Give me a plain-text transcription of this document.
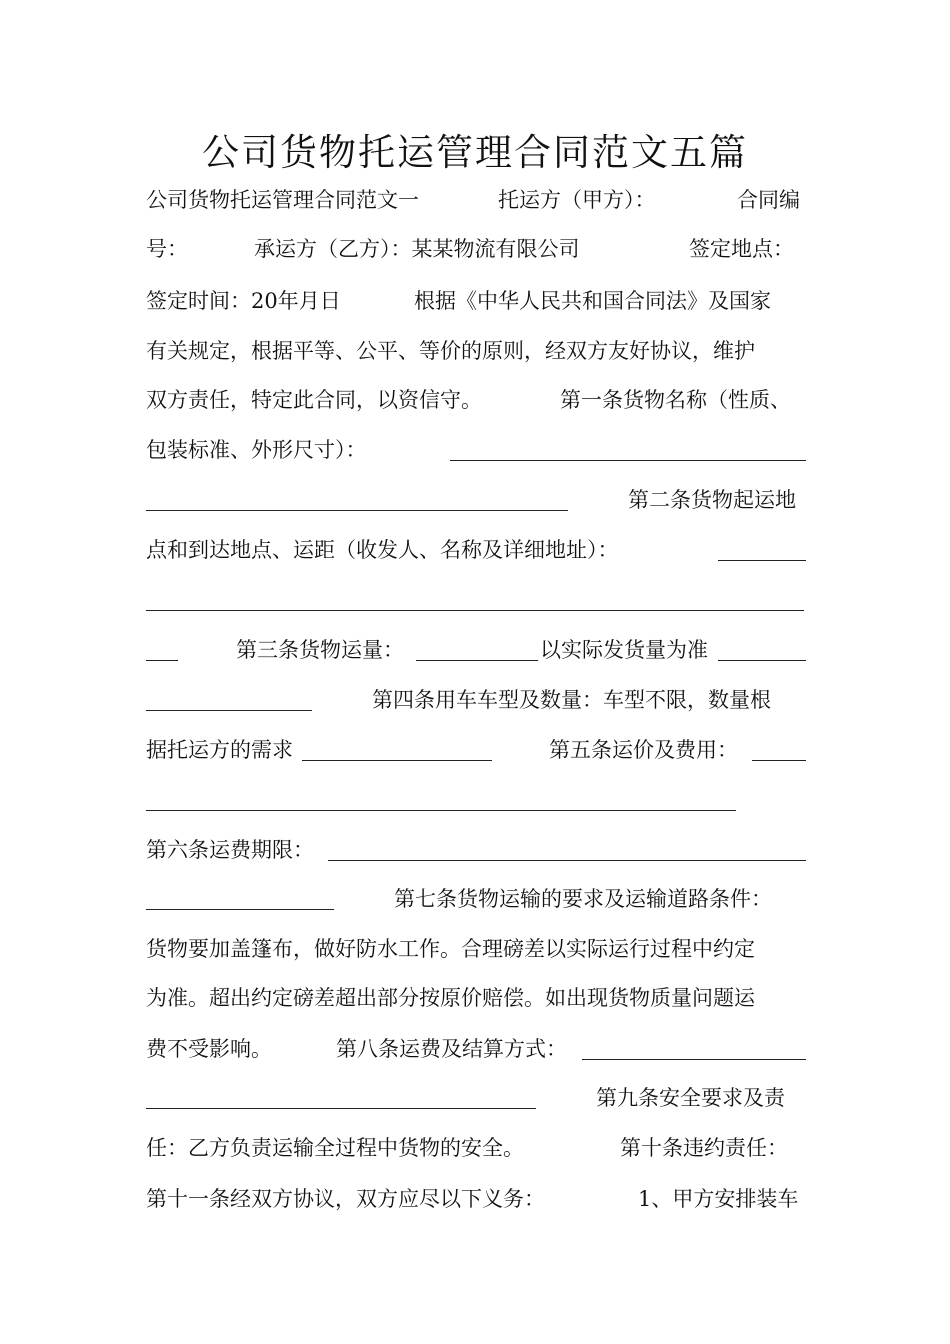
公司货物托运管理合同范文五篇
公司货物托运管理合同范文一	托运方（甲方）：	合同编
号：	承运方（乙方）：某某物流有限公司	签定地点：
签定时间：20年月日	根据《中华人民共和国合同法》及国家
有关规定，根据平等、公平、等价的原则，经双方友好协议，维护
双方责任，特定此合同，以资信守。	第一条货物名称（性质、
包装标准、外形尺寸）：
第二条货物起运地
点和到达地点、运距（收发人、名称及详细地址）：
第三条货物运量：	以实际发货量为准
第四条用车车型及数量：车型不限，数量根
据托运方的需求	第五条运价及费用：
第六条运费期限：
第七条货物运输的要求及运输道路条件：
货物要加盖篷布，做好防水工作。合理磅差以实际运行过程中约定
为准。超出约定磅差超出部分按原价赔偿。如出现货物质量问题运
费不受影响。	第八条运费及结算方式：
第九条安全要求及责
任：乙方负责运输全过程中货物的安全。	第十条违约责任：
第十一条经双方协议，双方应尽以下义务：	1、甲方安排装车
